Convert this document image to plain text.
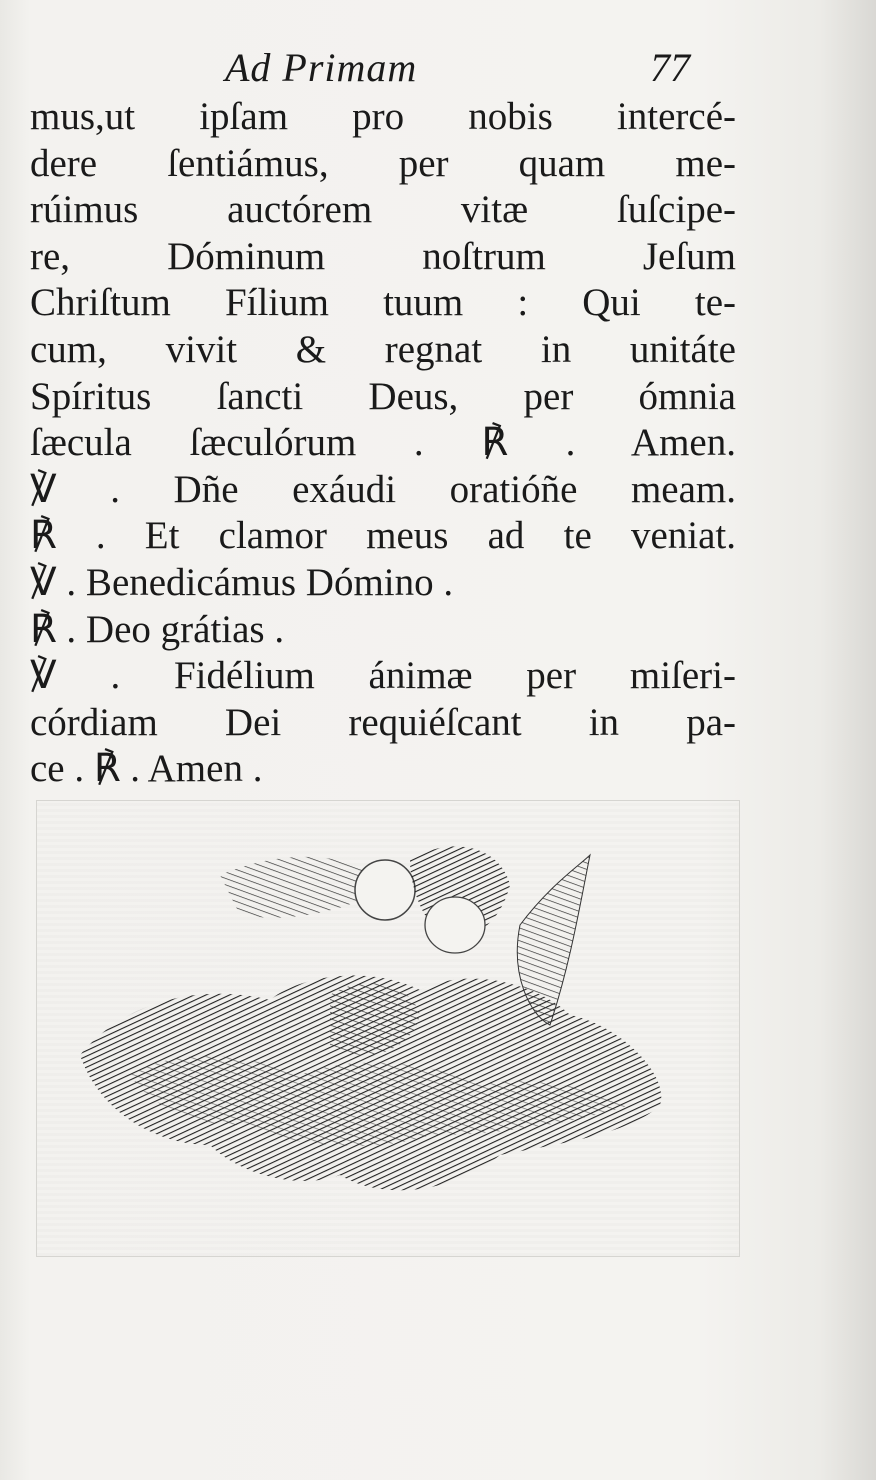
Ad Primam	77
mus,ut ipſam pro nobis intercé-
dere ſentiámus, per quam me-
rúimus auctórem vitæ ſuſcipe-
re, Dóminum noſtrum Jeſum
Chriſtum Fílium tuum : Qui te-
cum, vivit & regnat in unitáte
Spíritus ſancti Deus, per ómnia
ſæcula ſæculórum . ℟ . Amen.
℣ . Dñe exáudi oratióñe meam.
℟ . Et clamor meus ad te veniat.
℣ . Benedicámus Dómino .
℟ . Deo grátias .
℣ . Fidélium ánimæ per miſeri-
córdiam Dei requiéſcant in pa-
ce . ℟ . Amen .
